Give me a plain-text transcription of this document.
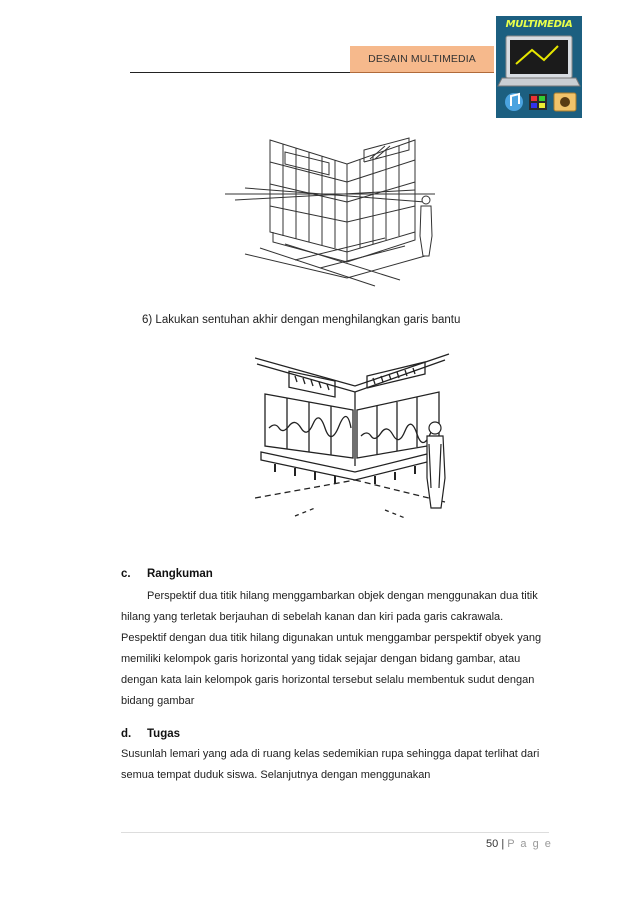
DESAIN MULTIMEDIA
MULTIMEDIA
6) Lakukan sentuhan akhir dengan menghilangkan garis bantu
c. Rangkuman
Perspektif dua titik hilang menggambarkan objek dengan menggunakan dua titik hilang yang terletak berjauhan di sebelah kanan dan kiri pada garis cakrawala. Pespektif dengan dua titik hilang digunakan untuk menggambar perspektif obyek yang memiliki kelompok garis horizontal yang tidak sejajar dengan bidang gambar, atau dengan kata lain kelompok garis horizontal tersebut selalu membentuk sudut dengan bidang gambar
d. Tugas
Susunlah lemari yang ada di ruang kelas sedemikian rupa sehingga dapat terlihat dari semua tempat duduk siswa. Selanjutnya dengan menggunakan
50 | P a g e
